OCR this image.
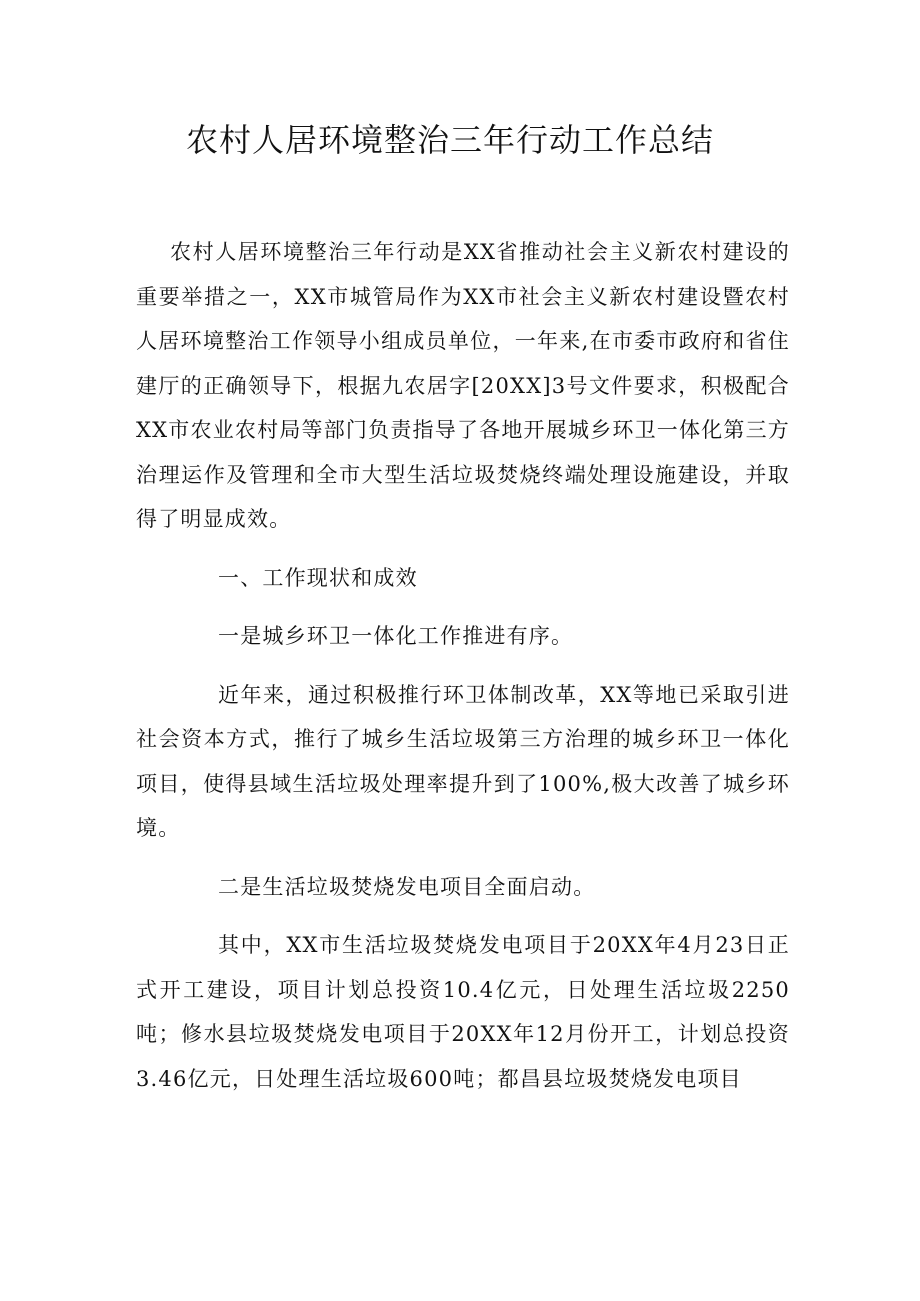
农村人居环境整治三年行动工作总结

农村人居环境整治三年行动是XX省推动社会主义新农村建设的重要举措之一，XX市城管局作为XX市社会主义新农村建设暨农村人居环境整治工作领导小组成员单位，一年来,在市委市政府和省住建厅的正确领导下，根据九农居字[20XX]3号文件要求，积极配合XX市农业农村局等部门负责指导了各地开展城乡环卫一体化第三方治理运作及管理和全市大型生活垃圾焚烧终端处理设施建设，并取得了明显成效。

一、工作现状和成效

一是城乡环卫一体化工作推进有序。

近年来，通过积极推行环卫体制改革，XX等地已采取引进社会资本方式，推行了城乡生活垃圾第三方治理的城乡环卫一体化项目，使得县域生活垃圾处理率提升到了100%,极大改善了城乡环境。

二是生活垃圾焚烧发电项目全面启动。

其中，XX市生活垃圾焚烧发电项目于20XX年4月23日正式开工建设，项目计划总投资10.4亿元，日处理生活垃圾2250吨；修水县垃圾焚烧发电项目于20XX年12月份开工，计划总投资3.46亿元，日处理生活垃圾600吨；都昌县垃圾焚烧发电项目
